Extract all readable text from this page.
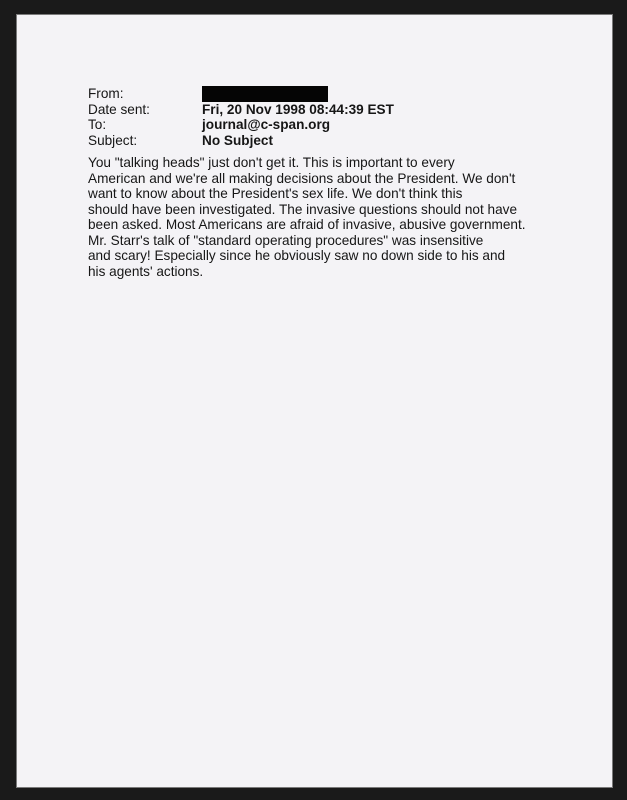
From:
Date sent:	Fri, 20 Nov 1998 08:44:39 EST
To:	journal@c-span.org
Subject:	No Subject
You "talking heads" just don't get it. This is important to every
American and we're all making decisions about the President. We don't
want to know about the President's sex life. We don't think this
should have been investigated. The invasive questions should not have
been asked. Most Americans are afraid of invasive, abusive government.
Mr. Starr's talk of "standard operating procedures" was insensitive
and scary! Especially since he obviously saw no down side to his and
his agents' actions.
